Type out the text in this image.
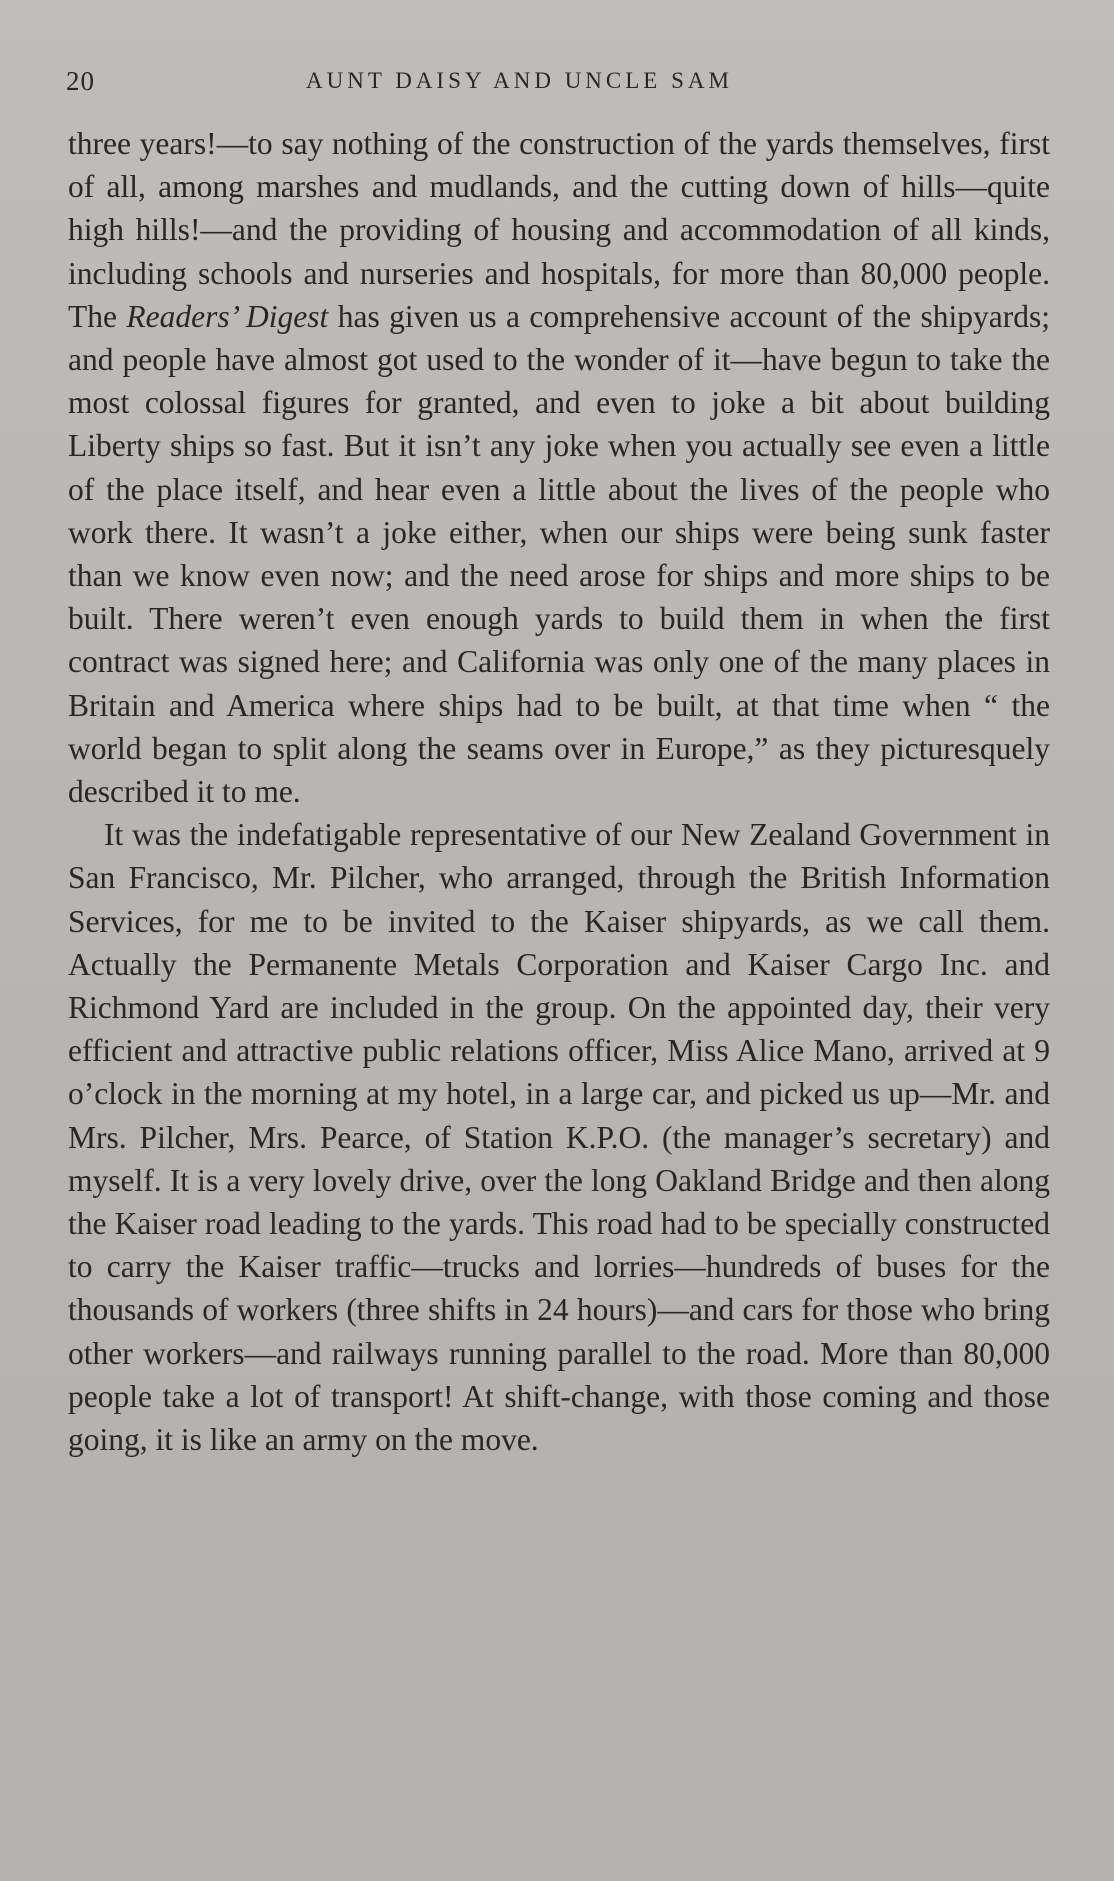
20	AUNT DAISY AND UNCLE SAM

three years!—to say nothing of the construction of the yards themselves, first of all, among marshes and mudlands, and the cutting down of hills—quite high hills!—and the providing of housing and accommodation of all kinds, including schools and nurseries and hospitals, for more than 80,000 people. The Readers’ Digest has given us a comprehensive account of the shipyards; and people have almost got used to the wonder of it—have begun to take the most colossal figures for granted, and even to joke a bit about building Liberty ships so fast. But it isn’t any joke when you actually see even a little of the place itself, and hear even a little about the lives of the people who work there. It wasn’t a joke either, when our ships were being sunk faster than we know even now; and the need arose for ships and more ships to be built. There weren’t even enough yards to build them in when the first contract was signed here; and California was only one of the many places in Britain and America where ships had to be built, at that time when “ the world began to split along the seams over in Europe,” as they picturesquely described it to me.

It was the indefatigable representative of our New Zealand Government in San Francisco, Mr. Pilcher, who arranged, through the British Information Services, for me to be invited to the Kaiser shipyards, as we call them. Actually the Permanente Metals Corporation and Kaiser Cargo Inc. and Richmond Yard are included in the group. On the appointed day, their very efficient and attractive public relations officer, Miss Alice Mano, arrived at 9 o’clock in the morning at my hotel, in a large car, and picked us up—Mr. and Mrs. Pilcher, Mrs. Pearce, of Station K.P.O. (the manager’s secretary) and myself. It is a very lovely drive, over the long Oakland Bridge and then along the Kaiser road leading to the yards. This road had to be specially constructed to carry the Kaiser traffic—trucks and lorries—hundreds of buses for the thousands of workers (three shifts in 24 hours)—and cars for those who bring other workers—and railways running parallel to the road. More than 80,000 people take a lot of transport! At shift-change, with those coming and those going, it is like an army on the move.
